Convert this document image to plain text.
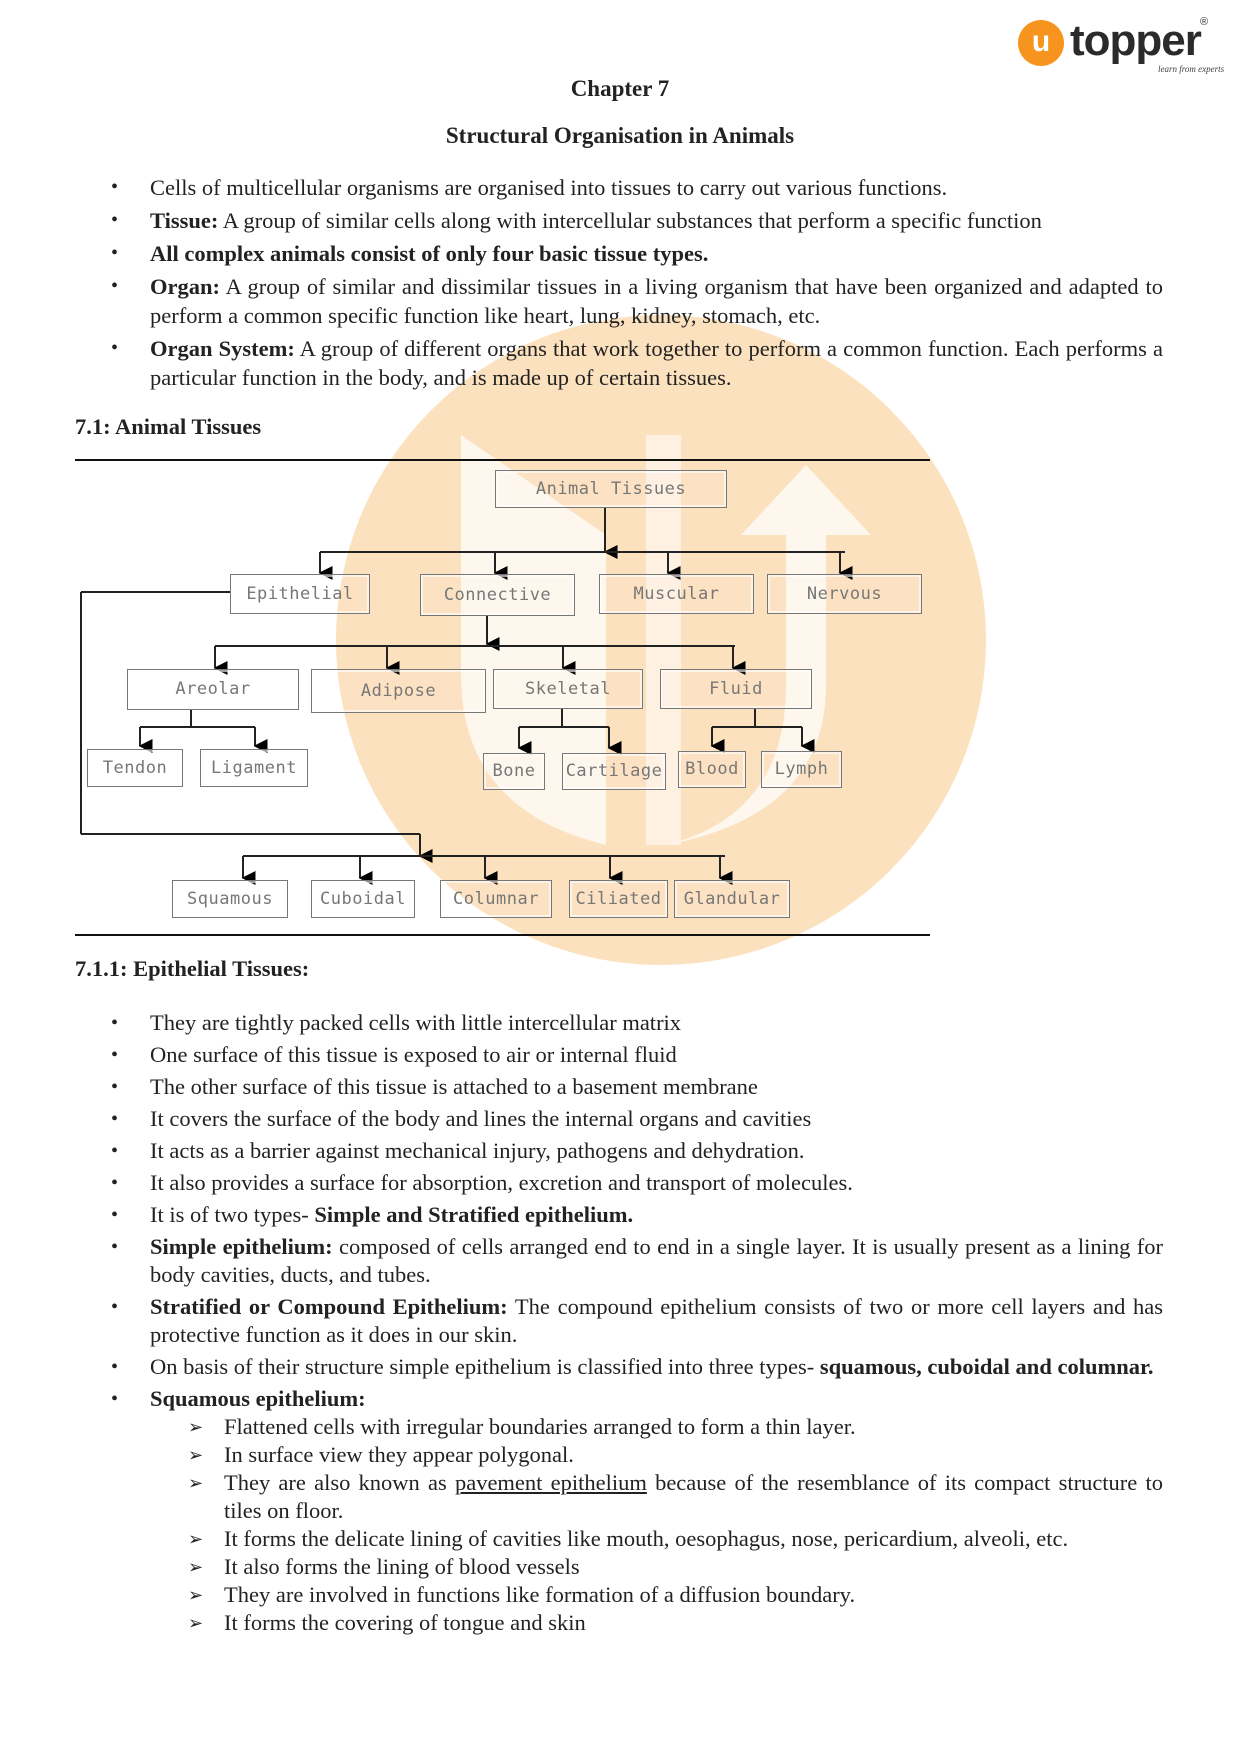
u topper ®
learn from experts
Chapter 7
Structural Organisation in Animals
• Cells of multicellular organisms are organised into tissues to carry out various functions.
• Tissue: A group of similar cells along with intercellular substances that perform a specific function
• All complex animals consist of only four basic tissue types.
• Organ: A group of similar and dissimilar tissues in a living organism that have been organized and adapted to perform a common specific function like heart, lung, kidney, stomach, etc.
• Organ System: A group of different organs that work together to perform a common function. Each performs a particular function in the body, and is made up of certain tissues.
7.1: Animal Tissues
Animal Tissues
Epithelial	Connective	Muscular	Nervous
Areolar	Adipose	Skeletal	Fluid
Tendon	Ligament	Bone	Cartilage	Blood	Lymph
Squamous	Cuboidal	Columnar	Ciliated	Glandular
7.1.1: Epithelial Tissues:
• They are tightly packed cells with little intercellular matrix
• One surface of this tissue is exposed to air or internal fluid
• The other surface of this tissue is attached to a basement membrane
• It covers the surface of the body and lines the internal organs and cavities
• It acts as a barrier against mechanical injury, pathogens and dehydration.
• It also provides a surface for absorption, excretion and transport of molecules.
• It is of two types- Simple and Stratified epithelium.
• Simple epithelium: composed of cells arranged end to end in a single layer. It is usually present as a lining for body cavities, ducts, and tubes.
• Stratified or Compound Epithelium: The compound epithelium consists of two or more cell layers and has protective function as it does in our skin.
• On basis of their structure simple epithelium is classified into three types- squamous, cuboidal and columnar.
• Squamous epithelium:
➢ Flattened cells with irregular boundaries arranged to form a thin layer.
➢ In surface view they appear polygonal.
➢ They are also known as pavement epithelium because of the resemblance of its compact structure to tiles on floor.
➢ It forms the delicate lining of cavities like mouth, oesophagus, nose, pericardium, alveoli, etc.
➢ It also forms the lining of blood vessels
➢ They are involved in functions like formation of a diffusion boundary.
➢ It forms the covering of tongue and skin
